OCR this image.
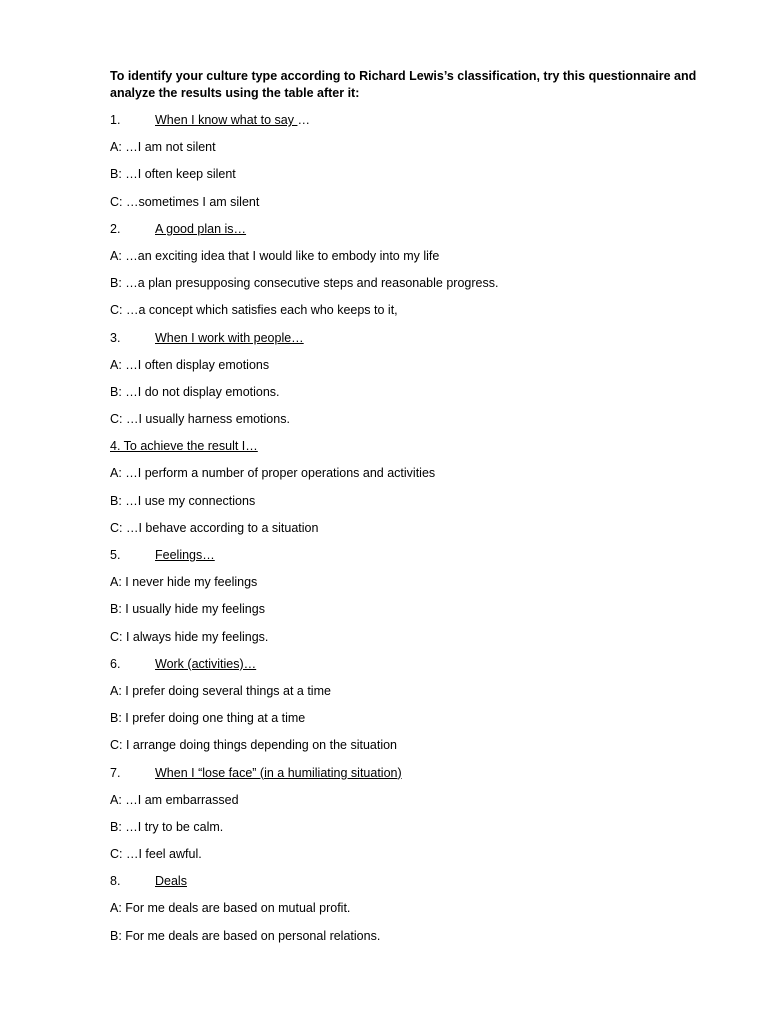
To identify your culture type according to Richard Lewis’s classification, try this questionnaire and analyze the results using the table after it:

1.	When I know what to say …
A: …I am not silent
B: …I often keep silent
C: …sometimes I am silent
2.	A good plan is…
A: …an exciting idea that I would like to embody into my life
B: …a plan presupposing consecutive steps and reasonable progress.
C: …a concept which satisfies each who keeps to it,
3.	When I work with people…
A: …I often display emotions
B: …I do not display emotions.
C: …I usually harness emotions.
4. To achieve the result I…
A: …I perform a number of proper operations and activities
B: …I use my connections
C: …I behave according to a situation
5.	Feelings…
A: I never hide my feelings
B: I usually hide my feelings
C: I always hide my feelings.
6.	Work (activities)…
A: I prefer doing several things at a time
B: I prefer doing one thing at a time
C: I arrange doing things depending on the situation
7.	When I “lose face” (in a humiliating situation)
A: …I am embarrassed
B: …I try to be calm.
C: …I feel awful.
8.	Deals
A: For me deals are based on mutual profit.
B: For me deals are based on personal relations.
